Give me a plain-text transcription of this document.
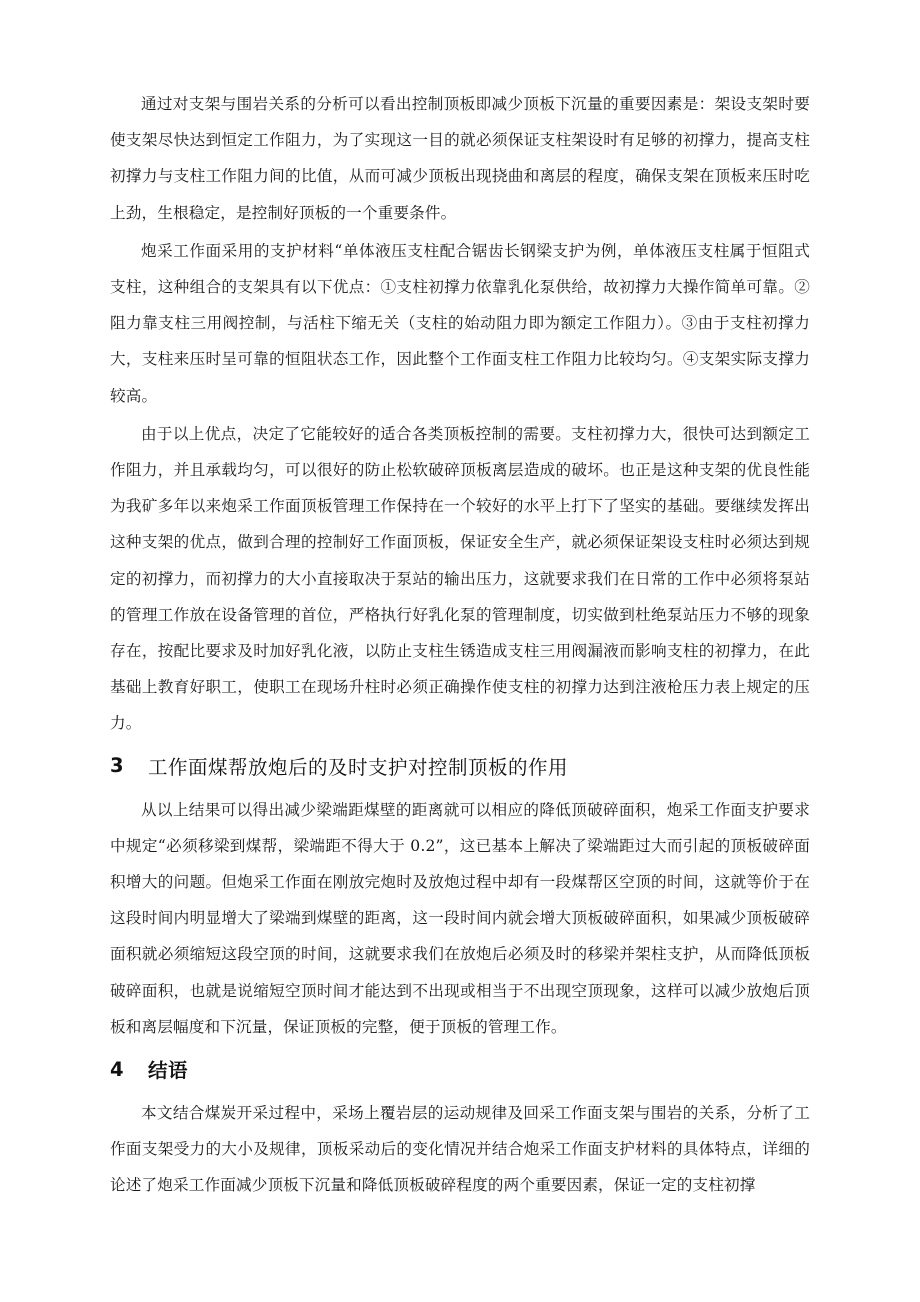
通过对支架与围岩关系的分析可以看出控制顶板即减少顶板下沉量的重要因素是：架设支架时要使支架尽快达到恒定工作阻力，为了实现这一目的就必须保证支柱架设时有足够的初撑力，提高支柱初撑力与支柱工作阻力间的比值，从而可减少顶板出现挠曲和离层的程度，确保支架在顶板来压时吃上劲，生根稳定，是控制好顶板的一个重要条件。

炮采工作面采用的支护材料“单体液压支柱配合锯齿长钢梁支护为例，单体液压支柱属于恒阻式支柱，这种组合的支架具有以下优点：①支柱初撑力依靠乳化泵供给，故初撑力大操作简单可靠。②阻力靠支柱三用阀控制，与活柱下缩无关（支柱的始动阻力即为额定工作阻力）。③由于支柱初撑力大，支柱来压时呈可靠的恒阻状态工作，因此整个工作面支柱工作阻力比较均匀。④支架实际支撑力较高。

由于以上优点，决定了它能较好的适合各类顶板控制的需要。支柱初撑力大，很快可达到额定工作阻力，并且承载均匀，可以很好的防止松软破碎顶板离层造成的破坏。也正是这种支架的优良性能为我矿多年以来炮采工作面顶板管理工作保持在一个较好的水平上打下了坚实的基础。要继续发挥出这种支架的优点，做到合理的控制好工作面顶板，保证安全生产，就必须保证架设支柱时必须达到规定的初撑力，而初撑力的大小直接取决于泵站的输出压力，这就要求我们在日常的工作中必须将泵站的管理工作放在设备管理的首位，严格执行好乳化泵的管理制度，切实做到杜绝泵站压力不够的现象存在，按配比要求及时加好乳化液，以防止支柱生锈造成支柱三用阀漏液而影响支柱的初撑力，在此基础上教育好职工，使职工在现场升柱时必须正确操作使支柱的初撑力达到注液枪压力表上规定的压力。

3	工作面煤帮放炮后的及时支护对控制顶板的作用

从以上结果可以得出减少梁端距煤壁的距离就可以相应的降低顶破碎面积，炮采工作面支护要求中规定“必须移梁到煤帮，梁端距不得大于 0.2”，这已基本上解决了梁端距过大而引起的顶板破碎面积增大的问题。但炮采工作面在刚放完炮时及放炮过程中却有一段煤帮区空顶的时间，这就等价于在这段时间内明显增大了梁端到煤壁的距离，这一段时间内就会增大顶板破碎面积，如果减少顶板破碎面积就必须缩短这段空顶的时间，这就要求我们在放炮后必须及时的移梁并架柱支护，从而降低顶板破碎面积，也就是说缩短空顶时间才能达到不出现或相当于不出现空顶现象，这样可以减少放炮后顶板和离层幅度和下沉量，保证顶板的完整，便于顶板的管理工作。

4	结语

本文结合煤炭开采过程中，采场上覆岩层的运动规律及回采工作面支架与围岩的关系，分析了工作面支架受力的大小及规律，顶板采动后的变化情况并结合炮采工作面支护材料的具体特点，详细的论述了炮采工作面减少顶板下沉量和降低顶板破碎程度的两个重要因素，保证一定的支柱初撑
